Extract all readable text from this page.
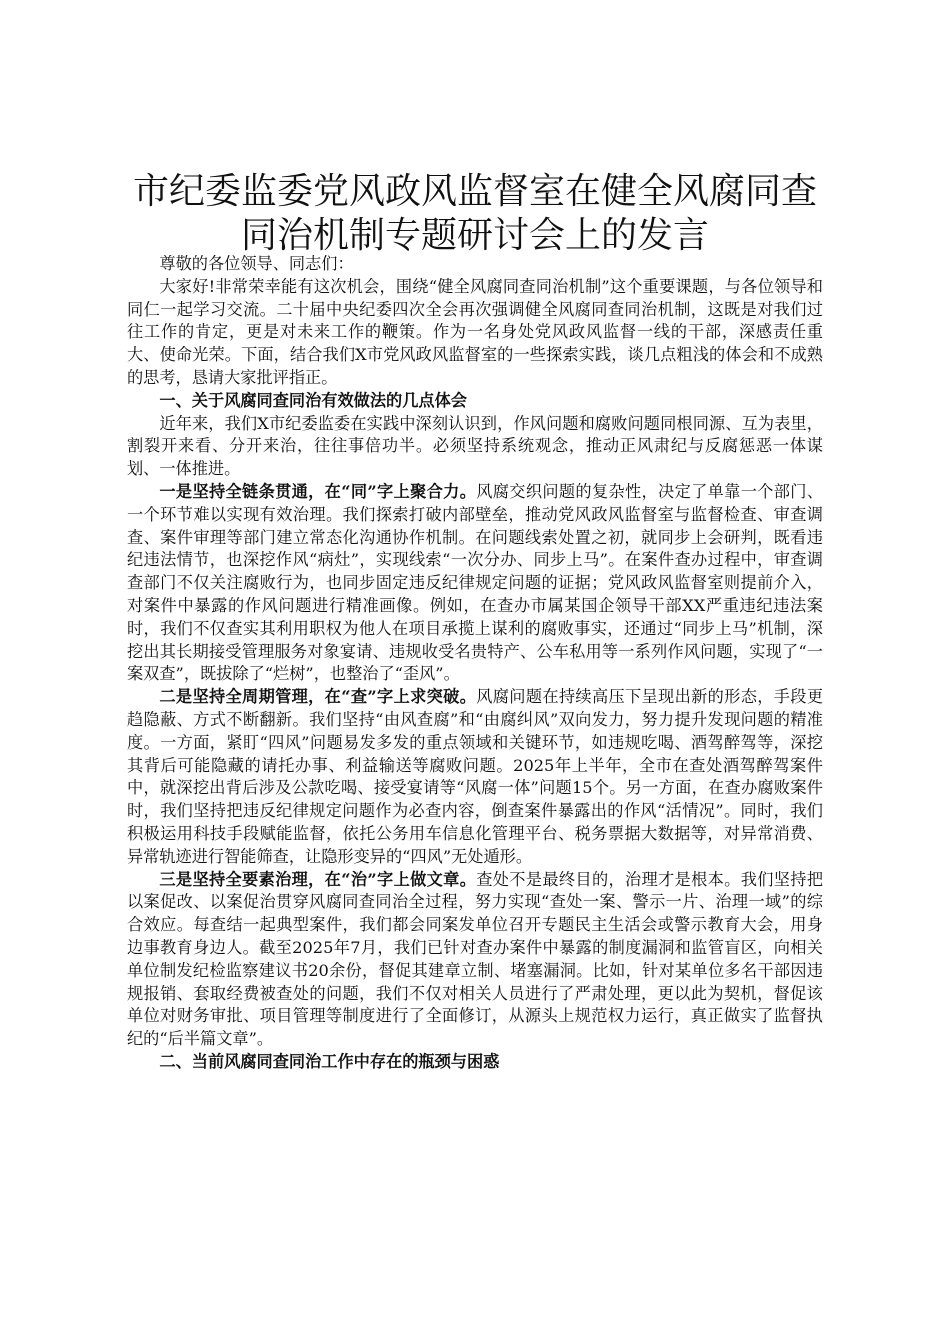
市纪委监委党风政风监督室在健全风腐同查同治机制专题研讨会上的发言

尊敬的各位领导、同志们：

大家好!非常荣幸能有这次机会，围绕“健全风腐同查同治机制”这个重要课题，与各位领导和同仁一起学习交流。二十届中央纪委四次全会再次强调健全风腐同查同治机制，这既是对我们过往工作的肯定，更是对未来工作的鞭策。作为一名身处党风政风监督一线的干部，深感责任重大、使命光荣。下面，结合我们X市党风政风监督室的一些探索实践，谈几点粗浅的体会和不成熟的思考，恳请大家批评指正。

一、关于风腐同查同治有效做法的几点体会

近年来，我们X市纪委监委在实践中深刻认识到，作风问题和腐败问题同根同源、互为表里，割裂开来看、分开来治，往往事倍功半。必须坚持系统观念，推动正风肃纪与反腐惩恶一体谋划、一体推进。

一是坚持全链条贯通，在“同”字上聚合力。风腐交织问题的复杂性，决定了单靠一个部门、一个环节难以实现有效治理。我们探索打破内部壁垒，推动党风政风监督室与监督检查、审查调查、案件审理等部门建立常态化沟通协作机制。在问题线索处置之初，就同步上会研判，既看违纪违法情节，也深挖作风“病灶”，实现线索“一次分办、同步上马”。在案件查办过程中，审查调查部门不仅关注腐败行为，也同步固定违反纪律规定问题的证据；党风政风监督室则提前介入，对案件中暴露的作风问题进行精准画像。例如，在查办市属某国企领导干部XX严重违纪违法案时，我们不仅查实其利用职权为他人在项目承揽上谋利的腐败事实，还通过“同步上马”机制，深挖出其长期接受管理服务对象宴请、违规收受名贵特产、公车私用等一系列作风问题，实现了“一案双查”，既拔除了“烂树”，也整治了“歪风”。

二是坚持全周期管理，在“查”字上求突破。风腐问题在持续高压下呈现出新的形态，手段更趋隐蔽、方式不断翻新。我们坚持“由风查腐”和“由腐纠风”双向发力，努力提升发现问题的精准度。一方面，紧盯“四风”问题易发多发的重点领域和关键环节，如违规吃喝、酒驾醉驾等，深挖其背后可能隐藏的请托办事、利益输送等腐败问题。2025年上半年，全市在查处酒驾醉驾案件中，就深挖出背后涉及公款吃喝、接受宴请等“风腐一体”问题15个。另一方面，在查办腐败案件时，我们坚持把违反纪律规定问题作为必查内容，倒查案件暴露出的作风“活情况”。同时，我们积极运用科技手段赋能监督，依托公务用车信息化管理平台、税务票据大数据等，对异常消费、异常轨迹进行智能筛查，让隐形变异的“四风”无处遁形。

三是坚持全要素治理，在“治”字上做文章。查处不是最终目的，治理才是根本。我们坚持把以案促改、以案促治贯穿风腐同查同治全过程，努力实现“查处一案、警示一片、治理一域”的综合效应。每查结一起典型案件，我们都会同案发单位召开专题民主生活会或警示教育大会，用身边事教育身边人。截至2025年7月，我们已针对查办案件中暴露的制度漏洞和监管盲区，向相关单位制发纪检监察建议书20余份，督促其建章立制、堵塞漏洞。比如，针对某单位多名干部因违规报销、套取经费被查处的问题，我们不仅对相关人员进行了严肃处理，更以此为契机，督促该单位对财务审批、项目管理等制度进行了全面修订，从源头上规范权力运行，真正做实了监督执纪的“后半篇文章”。

二、当前风腐同查同治工作中存在的瓶颈与困惑
